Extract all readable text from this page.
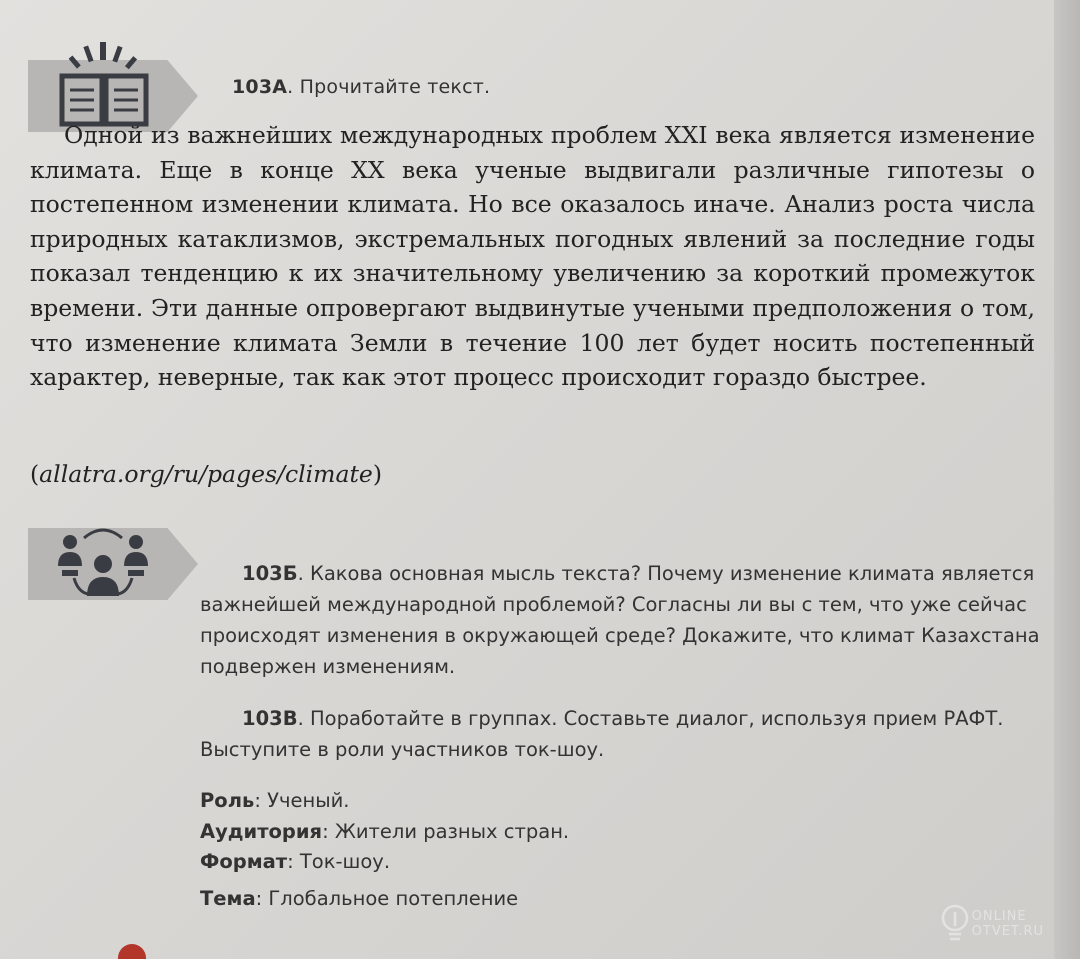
103А. Прочитайте текст.
Одной из важнейших международных проблем XXI века является изменение климата. Еще в конце XX века ученые выдвигали различные гипотезы о постепенном изменении климата. Но все оказалось иначе. Анализ роста числа природных катаклизмов, экстремальных погодных явлений за последние годы показал тенденцию к их значительному увеличению за короткий промежуток времени. Эти данные опровергают выдвинутые учеными предположения о том, что изменение климата Земли в течение 100 лет будет носить постепенный характер, неверные, так как этот процесс происходит гораздо быстрее.
(allatra.org/ru/pages/climate)
103Б. Какова основная мысль текста? Почему изменение климата является важнейшей международной проблемой? Согласны ли вы с тем, что уже сейчас происходят изменения в окружающей среде? Докажите, что климат Казахстана подвержен изменениям.
103В. Поработайте в группах. Составьте диалог, используя прием РАФТ. Выступите в роли участников ток-шоу.
Роль: Ученый.
Аудитория: Жители разных стран.
Формат: Ток-шоу.
Тема: Глобальное потепление
ONLINE
OTVET.RU
